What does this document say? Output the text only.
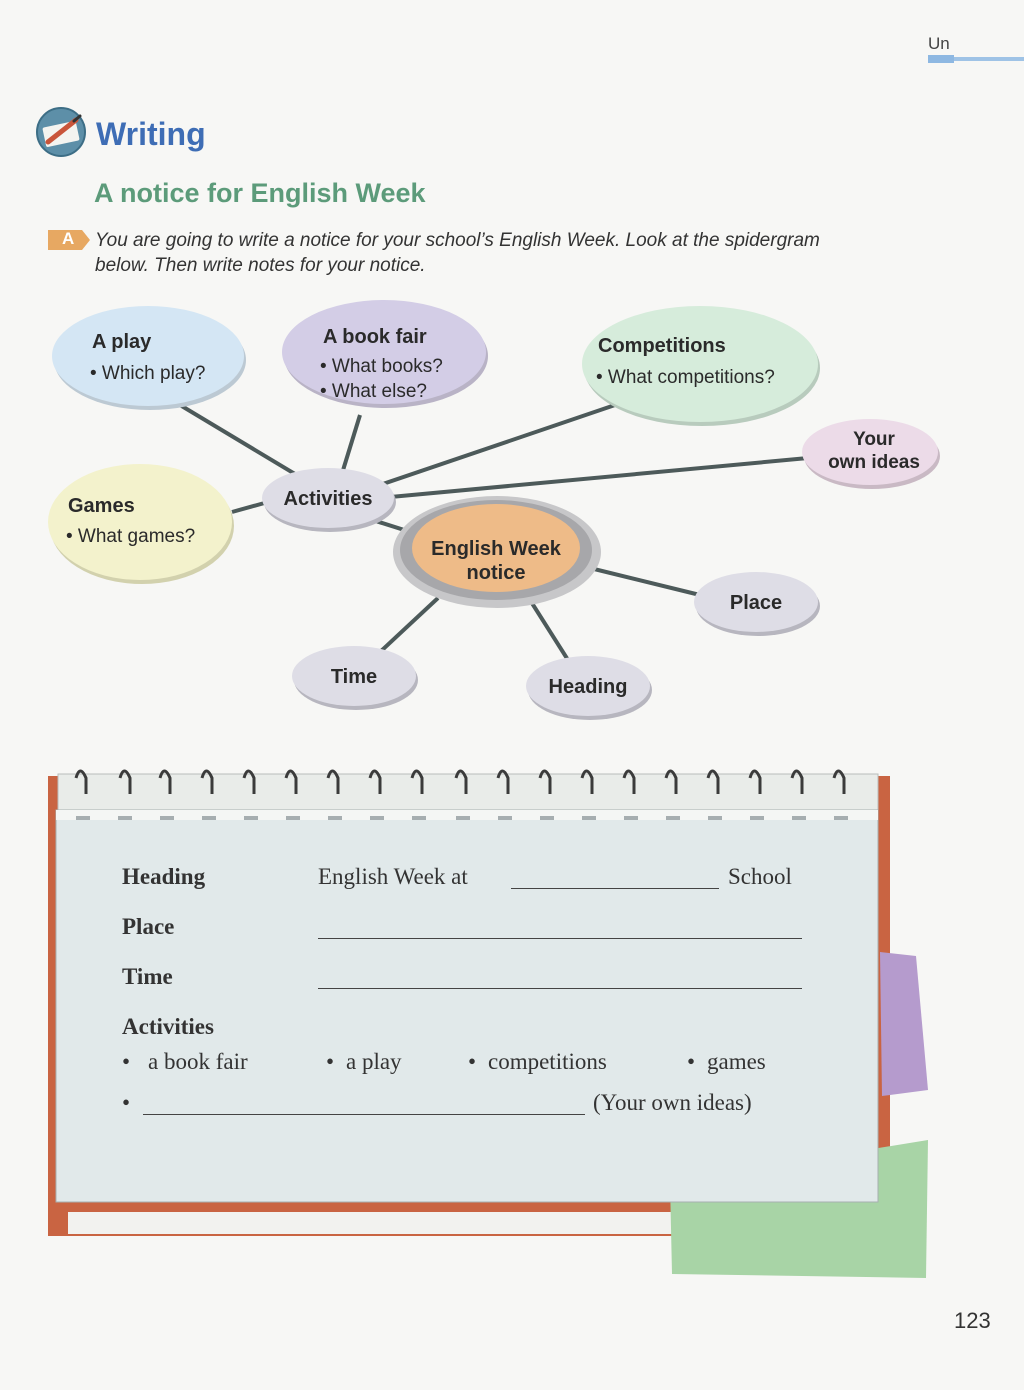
Un
Writing
A notice for English Week
A You are going to write a notice for your school’s English Week. Look at the spidergram below. Then write notes for your notice.
A play
• Which play?
A book fair
• What books?
• What else?
Competitions
• What competitions?
Your
own ideas
Games
• What games?
Activities
English Week
notice
Place
Time	Heading
Heading	English Week at	School
Place
Time
Activities
• a book fair	• a play	• competitions	• games
•	(Your own ideas)
123
